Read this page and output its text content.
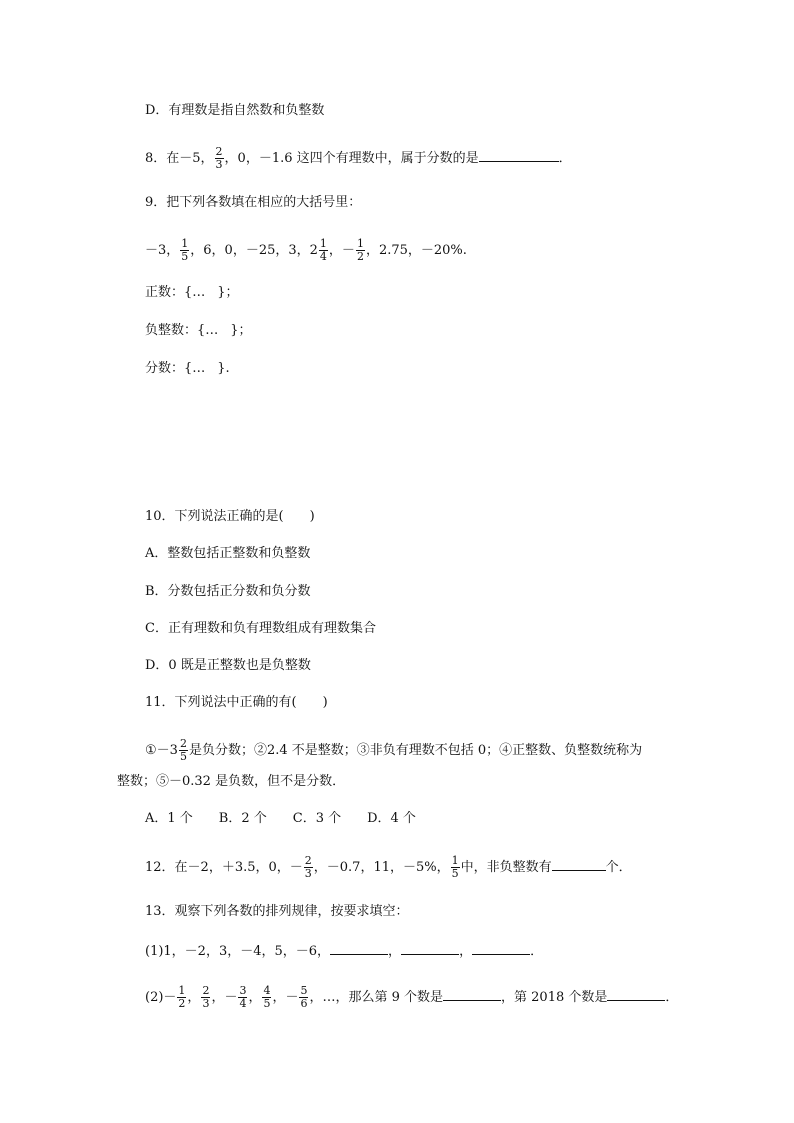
D．有理数是指自然数和负整数
8．在－5， $\frac{2}{3}$ ，0，－1.6 这四个有理数中，属于分数的是	．
9．把下列各数填在相应的大括号里：
－3， $\frac{1}{5}$ ，6，0，－25，3，$2 \frac{1}{4}$ ，－ $\frac{1}{2}$ ，2.75，－20%.
正数：{… }；
负整数：{… }；
分数：{… }.
10．下列说法正确的是(　　)
A．整数包括正整数和负整数
B．分数包括正分数和负分数
C．正有理数和负有理数组成有理数集合
D．0 既是正整数也是负整数
11．下列说法中正确的有(　　)
①－3 $\frac{2}{5}$ 是负分数；②2.4 不是整数；③非负有理数不包括 0；④正整数、负整数统称为
整数；⑤－0.32 是负数，但不是分数．
A．1 个　　B．2 个　　C．3 个　　D．4 个
12．在－2，＋3.5，0，－ $\frac{2}{3}$ ，－0.7，11，－5%， $\frac{1}{5}$ 中，非负整数有	个．
13．观察下列各数的排列规律，按要求填空：
(1)1，－2，3，－4，5，－6，	，	，	．
$(2)- \frac{1}{2}$ ， $\frac{2}{3}$ ，－ $\frac{3}{4}$ ， $\frac{4}{5}$ ，－ $\frac{5}{6}$ ，…，那么第 9 个数是	，第 2018 个数是	．
